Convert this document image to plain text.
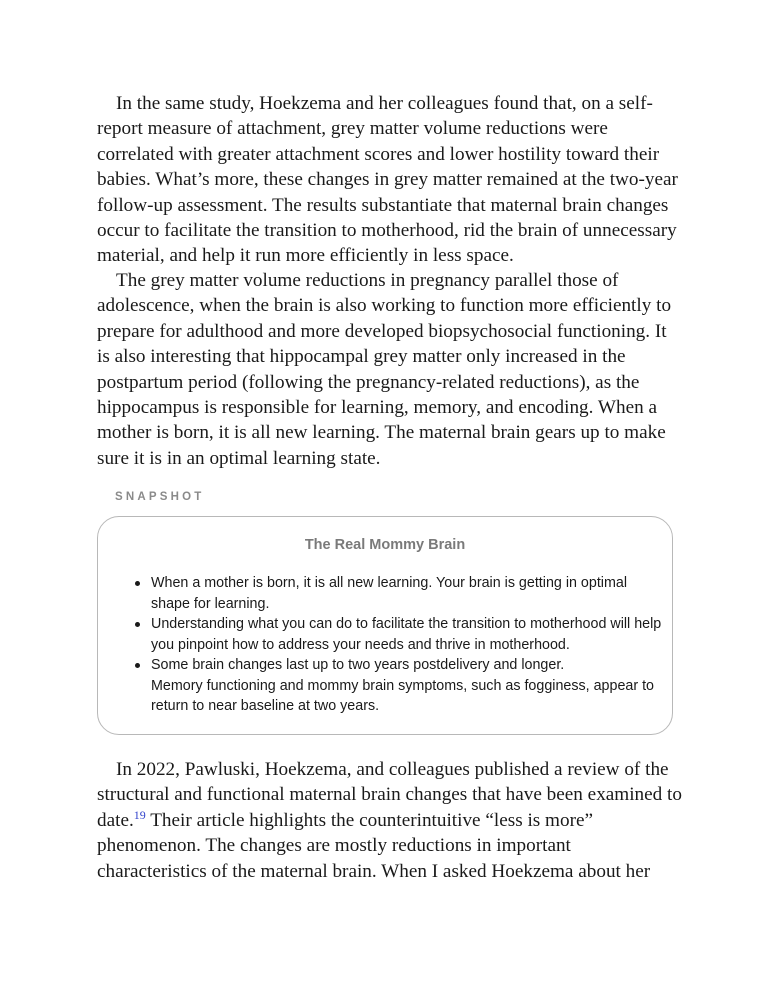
In the same study, Hoekzema and her colleagues found that, on a self-
report measure of attachment, grey matter volume reductions were
correlated with greater attachment scores and lower hostility toward their
babies. What’s more, these changes in grey matter remained at the two-year
follow-up assessment. The results substantiate that maternal brain changes
occur to facilitate the transition to motherhood, rid the brain of unnecessary
material, and help it run more efficiently in less space.

The grey matter volume reductions in pregnancy parallel those of
adolescence, when the brain is also working to function more efficiently to
prepare for adulthood and more developed biopsychosocial functioning. It
is also interesting that hippocampal grey matter only increased in the
postpartum period (following the pregnancy-related reductions), as the
hippocampus is responsible for learning, memory, and encoding. When a
mother is born, it is all new learning. The maternal brain gears up to make
sure it is in an optimal learning state.

SNAPSHOT
The Real Mommy Brain
When a mother is born, it is all new learning. Your brain is getting in optimal
shape for learning.
Understanding what you can do to facilitate the transition to motherhood will help
you pinpoint how to address your needs and thrive in motherhood.
Some brain changes last up to two years postdelivery and longer.
Memory functioning and mommy brain symptoms, such as fogginess, appear to
return to near baseline at two years.

In 2022, Pawluski, Hoekzema, and colleagues published a review of the
structural and functional maternal brain changes that have been examined to
date.$^{19}$ Their article highlights the counterintuitive “less is more”
phenomenon. The changes are mostly reductions in important
characteristics of the maternal brain. When I asked Hoekzema about her
